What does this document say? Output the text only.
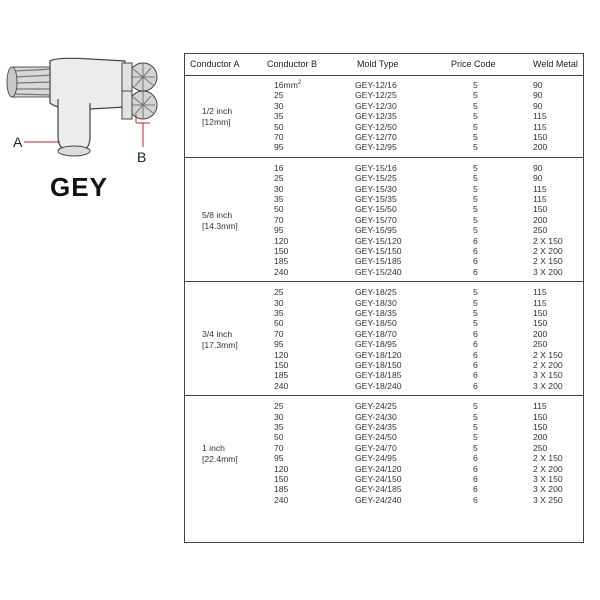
A
B
GEY
Conductor A	Conductor B	Mold Type	Price Code	Weld Metal
1/2 inch
[12mm]
$16mm^2$	GEY-12/16	5	90
25	GEY-12/25	5	90
30	GEY-12/30	5	90
35	GEY-12/35	5	115
50	GEY-12/50	5	115
70	GEY-12/70	5	150
95	GEY-12/95	5	200
5/8 inch
[14.3mm]
16	GEY-15/16	5	90
25	GEY-15/25	5	90
30	GEY-15/30	5	115
35	GEY-15/35	5	115
50	GEY-15/50	5	150
70	GEY-15/70	5	200
95	GEY-15/95	5	250
120	GEY-15/120	6	2 X 150
150	GEY-15/150	6	2 X 200
185	GEY-15/185	6	2 X 150
240	GEY-15/240	6	3 X 200
3/4 inch
[17.3mm]
25	GEY-18/25	5	115
30	GEY-18/30	5	115
35	GEY-18/35	5	150
50	GEY-18/50	5	150
70	GEY-18/70	6	200
95	GEY-18/95	6	250
120	GEY-18/120	6	2 X 150
150	GEY-18/150	6	2 X 200
185	GEY-18/185	6	3 X 150
240	GEY-18/240	6	3 X 200
1 inch
[22.4mm]
25	GEY-24/25	5	115
30	GEY-24/30	5	150
35	GEY-24/35	5	150
50	GEY-24/50	5	200
70	GEY-24/70	5	250
95	GEY-24/95	6	2 X 150
120	GEY-24/120	6	2 X 200
150	GEY-24/150	6	3 X 150
185	GEY-24/185	6	3 X 200
240	GEY-24/240	6	3 X 250
